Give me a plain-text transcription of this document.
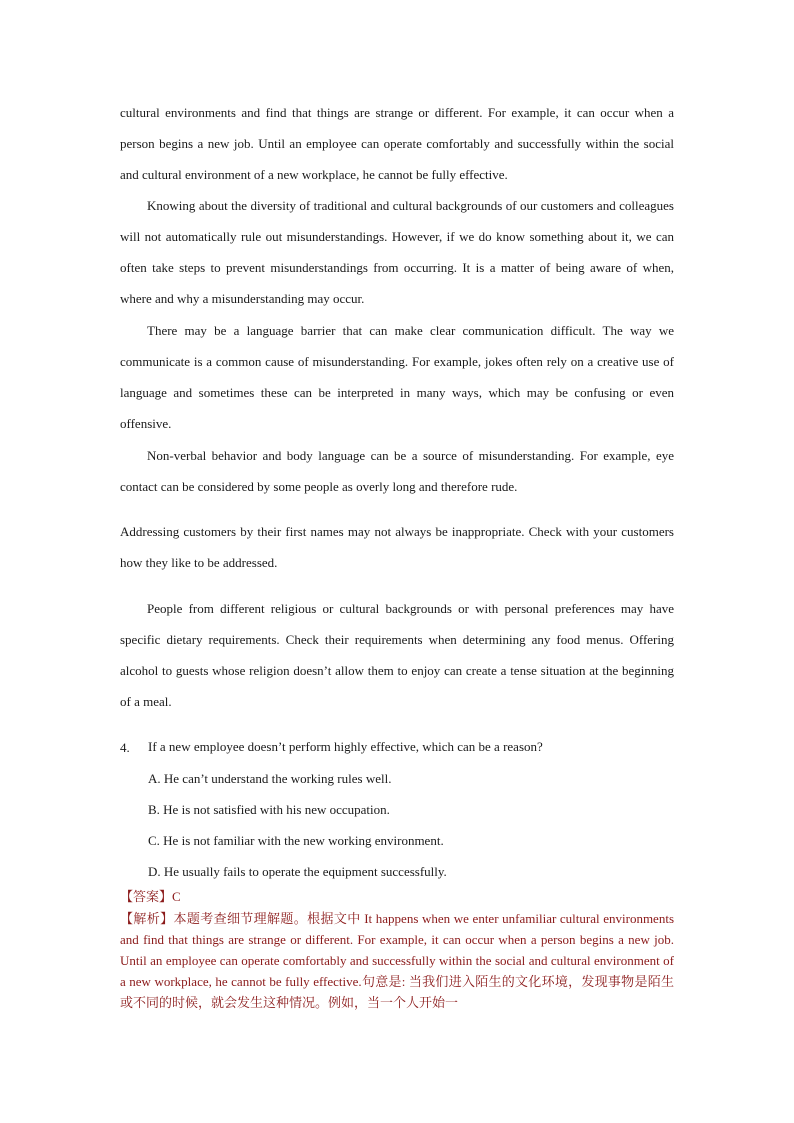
cultural environments and find that things are strange or different. For example, it can occur when a person begins a new job. Until an employee can operate comfortably and successfully within the social and cultural environment of a new workplace, he cannot be fully effective.

Knowing about the diversity of traditional and cultural backgrounds of our customers and colleagues will not automatically rule out misunderstandings. However, if we do know something about it, we can often take steps to prevent misunderstandings from occurring. It is a matter of being aware of when, where and why a misunderstanding may occur.

There may be a language barrier that can make clear communication difficult. The way we communicate is a common cause of misunderstanding. For example, jokes often rely on a creative use of language and sometimes these can be interpreted in many ways, which may be confusing or even offensive.

Non-verbal behavior and body language can be a source of misunderstanding. For example, eye contact can be considered by some people as overly long and therefore rude.

Addressing customers by their first names may not always be inappropriate. Check with your customers how they like to be addressed.

People from different religious or cultural backgrounds or with personal preferences may have specific dietary requirements. Check their requirements when determining any food menus. Offering alcohol to guests whose religion doesn’t allow them to enjoy can create a tense situation at the beginning of a meal.

4. If a new employee doesn’t perform highly effective, which can be a reason?
A. He can’t understand the working rules well.
B. He is not satisfied with his new occupation.
C. He is not familiar with the new working environment.
D. He usually fails to operate the equipment successfully.
【答案】C

【解析】本题考查细节理解题。根据文中 It happens when we enter unfamiliar cultural environments and find that things are strange or different. For example, it can occur when a person begins a new job. Until an employee can operate comfortably and successfully within the social and cultural environment of a new workplace, he cannot be fully effective.句意是: 当我们进入陌生的文化环境，发现事物是陌生或不同的时候，就会发生这种情况。例如，当一个人开始一
